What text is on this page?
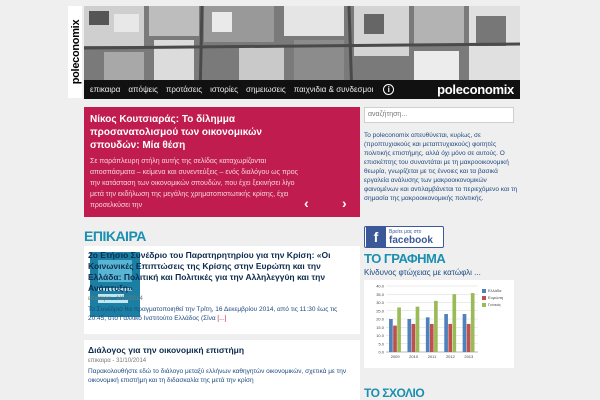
poleconomix
επικαιρα	απόψεις	προτάσεις	ιστορίες	σημειωσεις	παιχνιδια & συνδεσμοι	i	poleconomix
Νίκος Κουτσιαράς: Το δίλημμα προσανατολισμού των οικονομικών σπουδών: Μία θέση
Σε παράπλευρη στήλη αυτής της σελίδας καταχωρίζονται αποσπάσματα – κείμενα και συνεντεύξεις – ενός διαλόγου ως προς την κατάσταση των οικονομικών σπουδών, που έχει ξεκινήσει λίγο μετά την εκδήλωση της μεγάλης χρηματοπιστωτικής κρίσης, έχει προσελκύσει την	‹ ›
ΕΠΙΚΑΙΡΑ
2ο Ετήσιο Συνέδριο του Παρατηρητηρίου για την Κρίση: «Οι Κοινωνικές Επιπτώσεις της Κρίσης στην Ευρώπη και την Ελλάδα: Πολιτική και Πολιτικές για την Αλληλεγγύη και την Ανάπτυξη»
επικαιρα - 1/12/2014
Το Συνέδριο θα πραγματοποιηθεί την Τρίτη, 16 Δεκεμβρίου 2014, από τις 11:30 έως τις 20:45, στο Γαλλικό Ινστιτούτο Ελλάδος (Σίνα [...]
Διάλογος για την οικονομική επιστήμη
επικαιρα - 31/10/2014
Παρακολουθήστε εδώ το διάλογο μεταξύ ελλήνων καθηγητών οικονομικών, σχετικά με την οικονομική επιστήμη και τη διδασκαλία της μετά την κρίση
αναζήτηση...
Το poleconomix απευθύνεται, κυρίως, σε (προπτυχιακούς και μεταπτυχιακούς) φοιτητές πολιτικής επιστήμης, αλλά όχι μόνο σε αυτούς. Ο επισκέπτης του συναντάται με τη μακροοικονομική θεωρία, γνωρίζεται με τις έννοιες και τα βασικά εργαλεία ανάλυσης των μακροοικονομικών φαινομένων και αντιλαμβάνεται το περιεχόμενο και τη σημασία της μακροοικονομικής πολιτικής.
f	Βρείτε μας στο
facebook
ΤΟ ΓΡΑΦΗΜΑ
Κίνδυνος φτώχειας με κατώφλι ...
0.0
5.0
10.0
15.0
20.0
25.0
30.0
35.0
40.0
2009 2010 2011 2012 2013
Ελλάδα
Ευρώπη
Γενικός
ΤΟ ΣΧΟΛΙΟ
